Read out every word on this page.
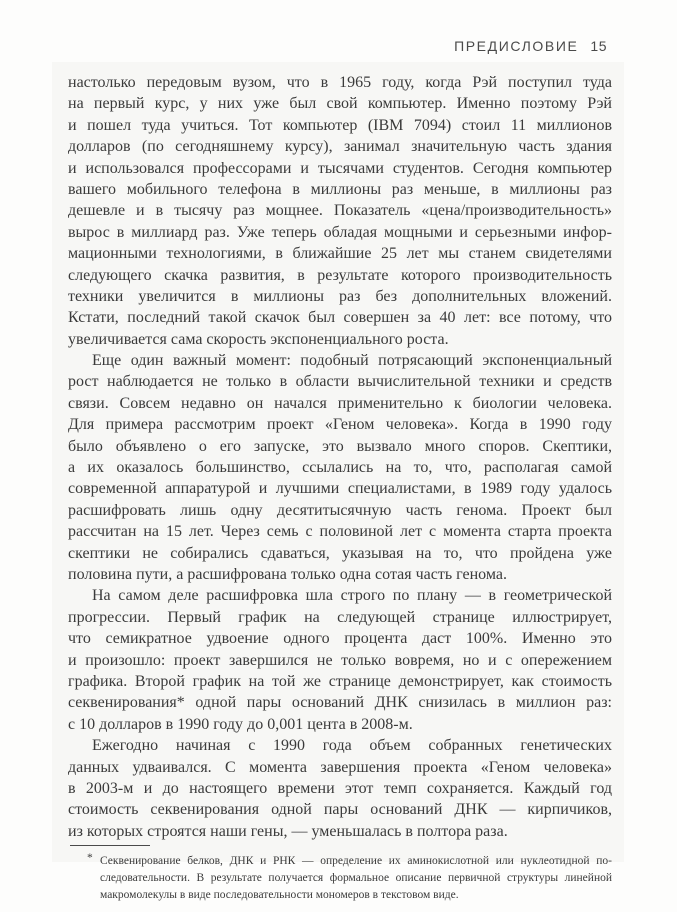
ПРЕДИСЛОВИЕ 15
настолько передовым вузом, что в 1965 году, когда Рэй поступил туда
на первый курс, у них уже был свой компьютер. Именно поэтому Рэй
и пошел туда учиться. Тот компьютер (IBM 7094) стоил 11 миллионов
долларов (по сегодняшнему курсу), занимал значительную часть здания
и использовался профессорами и тысячами студентов. Сегодня компьютер
вашего мобильного телефона в миллионы раз меньше, в миллионы раз
дешевле и в тысячу раз мощнее. Показатель «цена/производительность»
вырос в миллиард раз. Уже теперь обладая мощными и серьезными инфор-
мационными технологиями, в ближайшие 25 лет мы станем свидетелями
следующего скачка развития, в результате которого производительность
техники увеличится в миллионы раз без дополнительных вложений.
Кстати, последний такой скачок был совершен за 40 лет: все потому, что
увеличивается сама скорость экспоненциального роста.
Еще один важный момент: подобный потрясающий экспоненциальный
рост наблюдается не только в области вычислительной техники и средств
связи. Совсем недавно он начался применительно к биологии человека.
Для примера рассмотрим проект «Геном человека». Когда в 1990 году
было объявлено о его запуске, это вызвало много споров. Скептики,
а их оказалось большинство, ссылались на то, что, располагая самой
современной аппаратурой и лучшими специалистами, в 1989 году удалось
расшифровать лишь одну десятитысячную часть генома. Проект был
рассчитан на 15 лет. Через семь с половиной лет с момента старта проекта
скептики не собирались сдаваться, указывая на то, что пройдена уже
половина пути, а расшифрована только одна сотая часть генома.
На самом деле расшифровка шла строго по плану — в геометрической
прогрессии. Первый график на следующей странице иллюстрирует,
что семикратное удвоение одного процента даст 100%. Именно это
и произошло: проект завершился не только вовремя, но и с опережением
графика. Второй график на той же странице демонстрирует, как стоимость
секвенирования* одной пары оснований ДНК снизилась в миллион раз:
с 10 долларов в 1990 году до 0,001 цента в 2008-м.
Ежегодно начиная с 1990 года объем собранных генетических
данных удваивался. С момента завершения проекта «Геном человека»
в 2003-м и до настоящего времени этот темп сохраняется. Каждый год
стоимость секвенирования одной пары оснований ДНК — кирпичиков,
из которых строятся наши гены, — уменьшалась в полтора раза.
* Секвенирование белков, ДНК и РНК — определение их аминокислотной или нуклеотидной по-
следовательности. В результате получается формальное описание первичной структуры линейной
макромолекулы в виде последовательности мономеров в текстовом виде.
